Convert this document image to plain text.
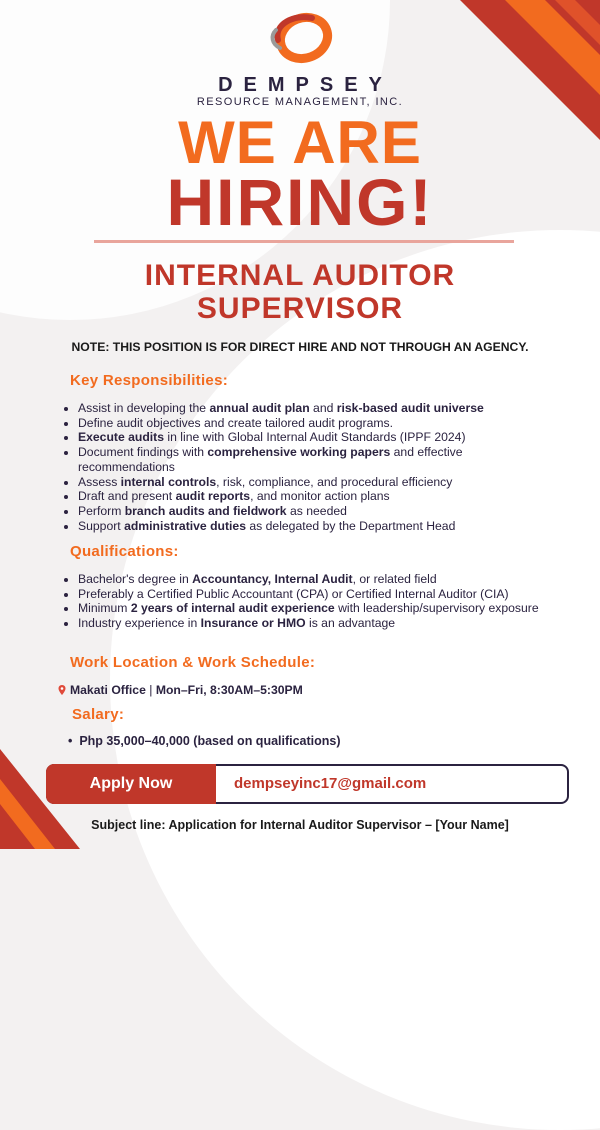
DEMPSEY
RESOURCE MANAGEMENT, INC.
WE ARE
HIRING!
INTERNAL AUDITOR
SUPERVISOR
NOTE: THIS POSITION IS FOR DIRECT HIRE AND NOT THROUGH AN AGENCY.
Key Responsibilities:
• Assist in developing the annual audit plan and risk-based audit universe
• Define audit objectives and create tailored audit programs.
• Execute audits in line with Global Internal Audit Standards (IPPF 2024)
• Document findings with comprehensive working papers and effective recommendations
• Assess internal controls, risk, compliance, and procedural efficiency
• Draft and present audit reports, and monitor action plans
• Perform branch audits and fieldwork as needed
• Support administrative duties as delegated by the Department Head
Qualifications:
• Bachelor's degree in Accountancy, Internal Audit, or related field
• Preferably a Certified Public Accountant (CPA) or Certified Internal Auditor (CIA)
• Minimum 2 years of internal audit experience with leadership/supervisory exposure
• Industry experience in Insurance or HMO is an advantage
Work Location & Work Schedule:
Makati Office | Mon–Fri, 8:30AM–5:30PM
Salary:
•  Php 35,000–40,000 (based on qualifications)
Apply Now	dempseyinc17@gmail.com
Subject line: Application for Internal Auditor Supervisor – [Your Name]
